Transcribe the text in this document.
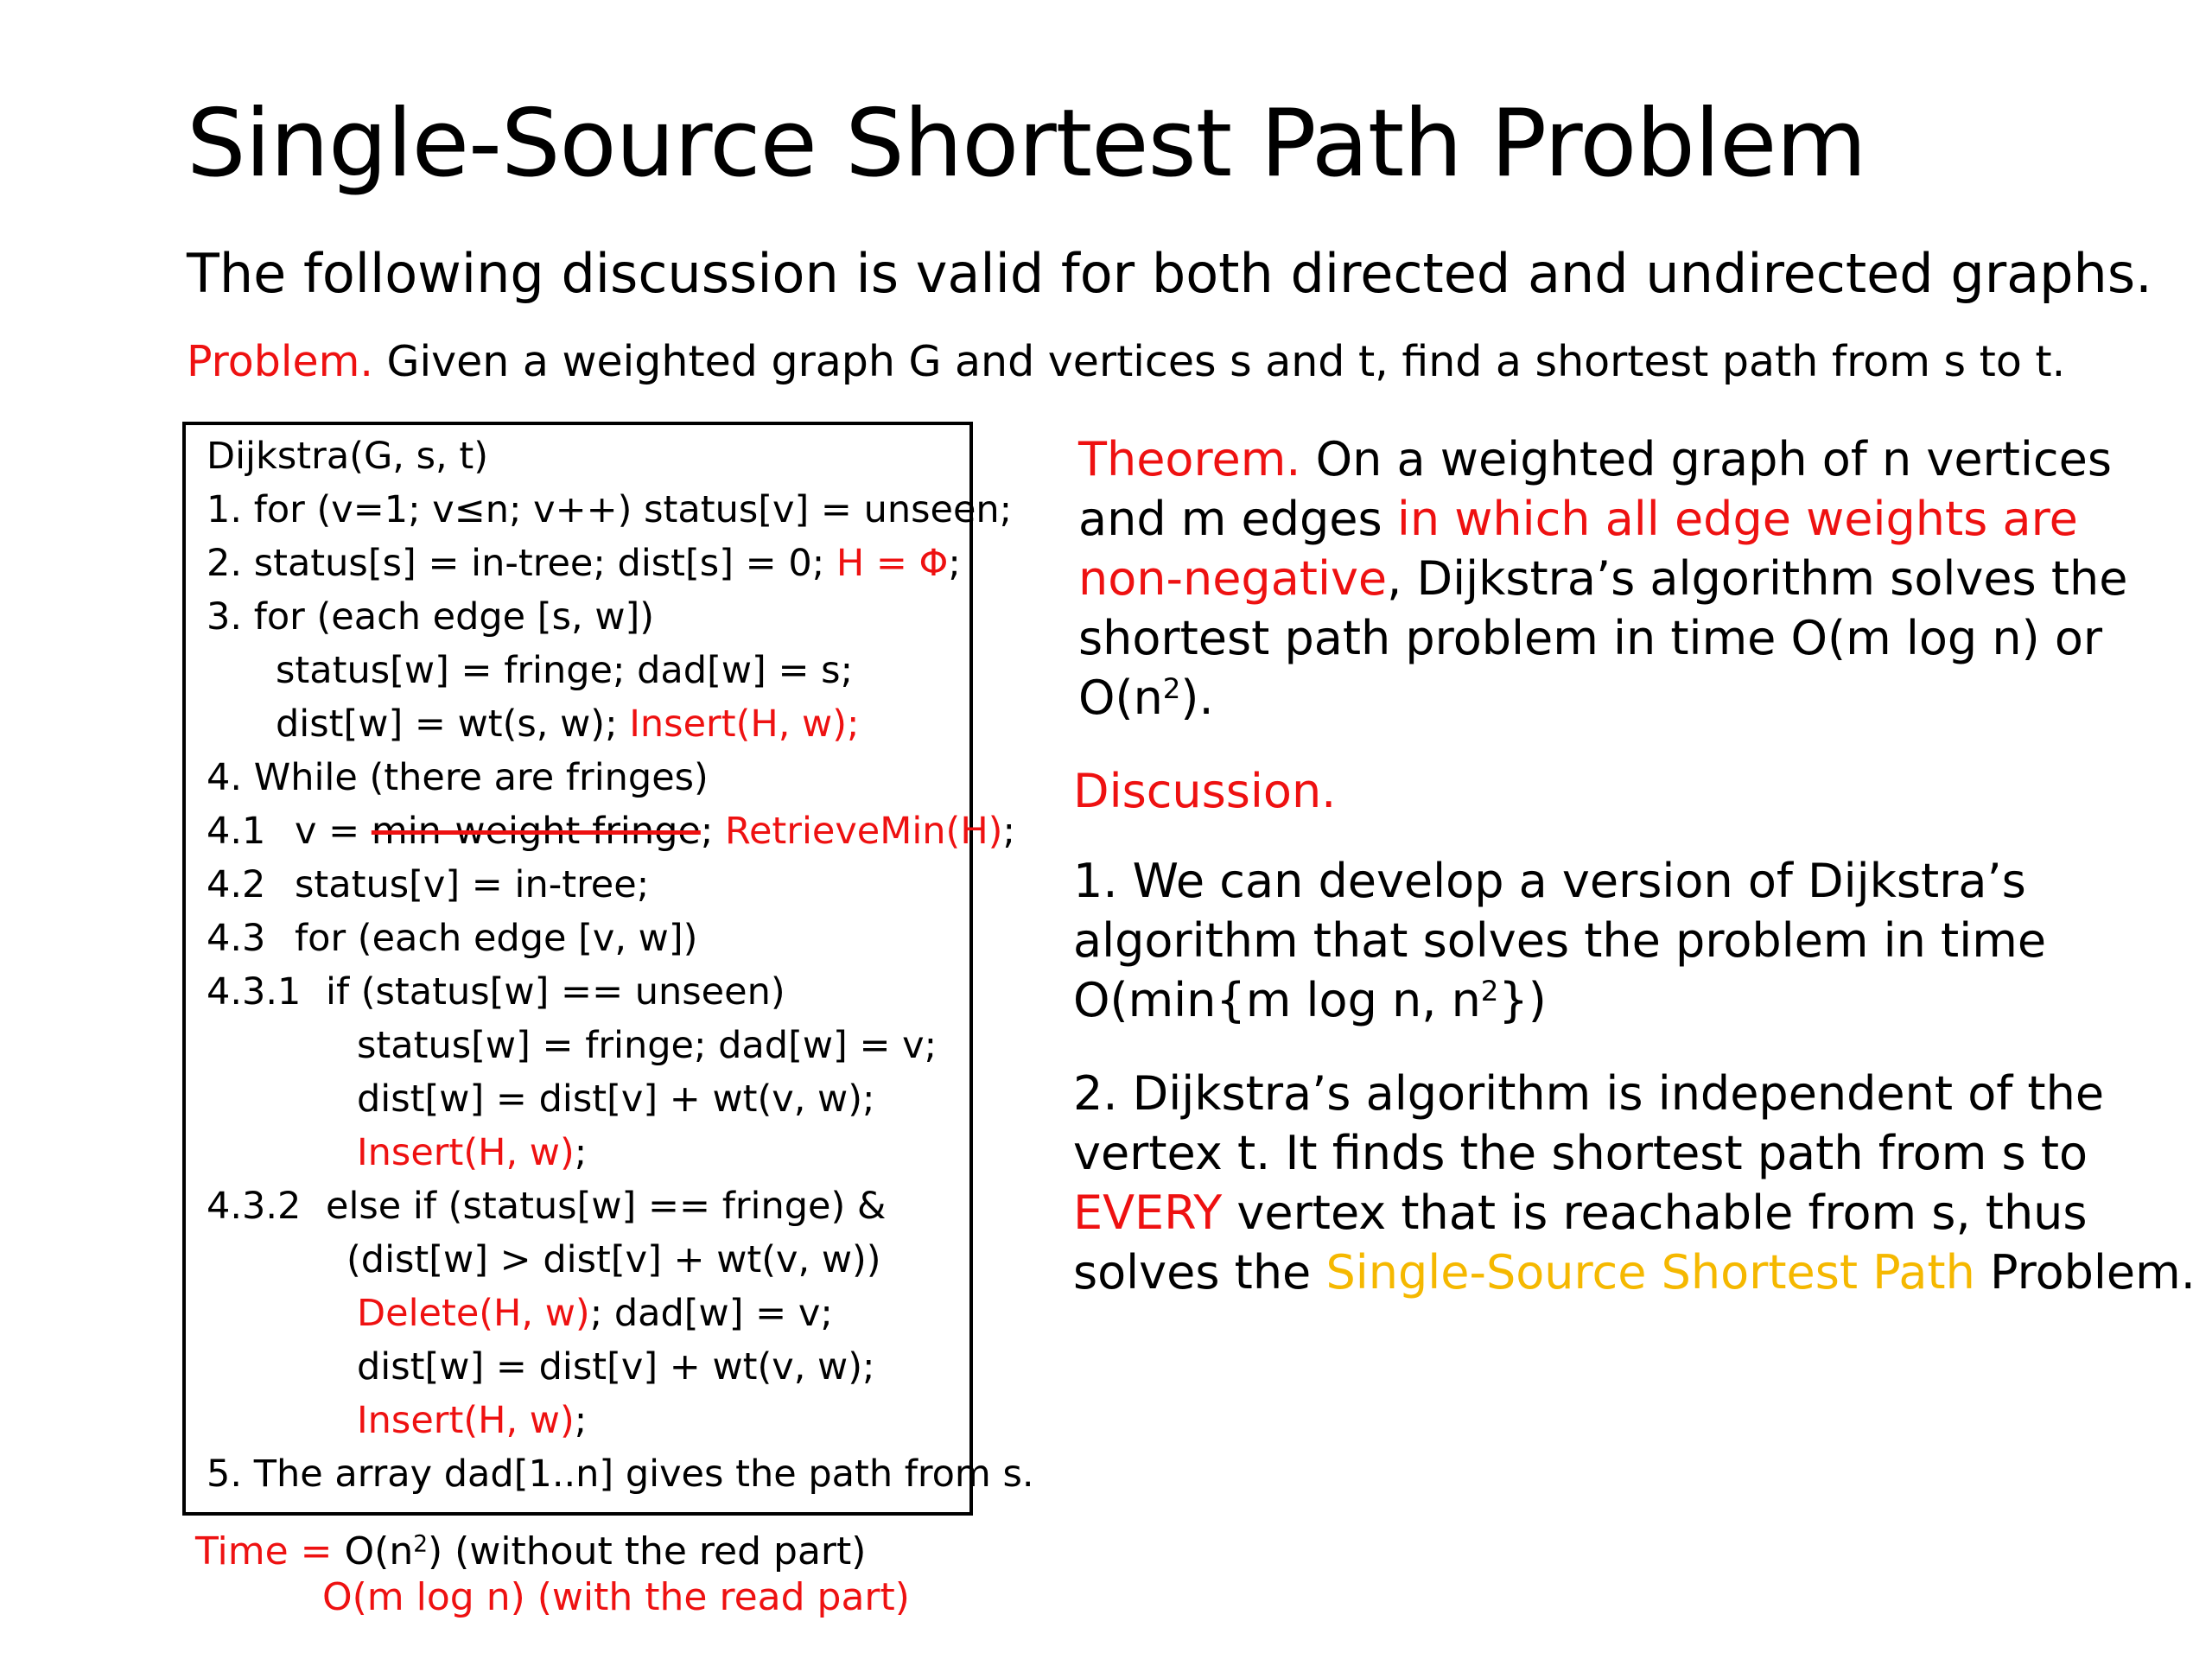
Single-Source Shortest Path Problem
The following discussion is valid for both directed and undirected graphs.
Problem. Given a weighted graph G and vertices s and t, find a shortest path from s to t.
Dijkstra(G, s, t)
1. for (v=1; v≤n; v++) status[v] = unseen;
2. status[s] = in-tree; dist[s] = 0; H = Φ;
3. for (each edge [s, w])
status[w] = fringe; dad[w] = s;
dist[w] = wt(s, w); Insert(H, w);
4. While (there are fringes)
4.1 v = min-weight fringe; RetrieveMin(H);
4.2 status[v] = in-tree;
4.3 for (each edge [v, w])
4.3.1 if (status[w] == unseen)
status[w] = fringe; dad[w] = v;
dist[w] = dist[v] + wt(v, w);
Insert(H, w);
4.3.2 else if (status[w] == fringe) &
(dist[w] > dist[v] + wt(v, w))
Delete(H, w); dad[w] = v;
dist[w] = dist[v] + wt(v, w);
Insert(H, w);
5. The array dad[1..n] gives the path from s.
Time = $O(n^2)$ (without the red part)
O(m log n) (with the read part)
Theorem. On a weighted graph of n vertices
and m edges in which all edge weights are
non-negative, Dijkstra’s algorithm solves the
shortest path problem in time O(m log n) or
$O(n^2)$.
Discussion.
1. We can develop a version of Dijkstra’s
algorithm that solves the problem in time
O(min{m log n, $n^2$})
2. Dijkstra’s algorithm is independent of the
vertex t. It finds the shortest path from s to
EVERY vertex that is reachable from s, thus
solves the Single-Source Shortest Path Problem.
